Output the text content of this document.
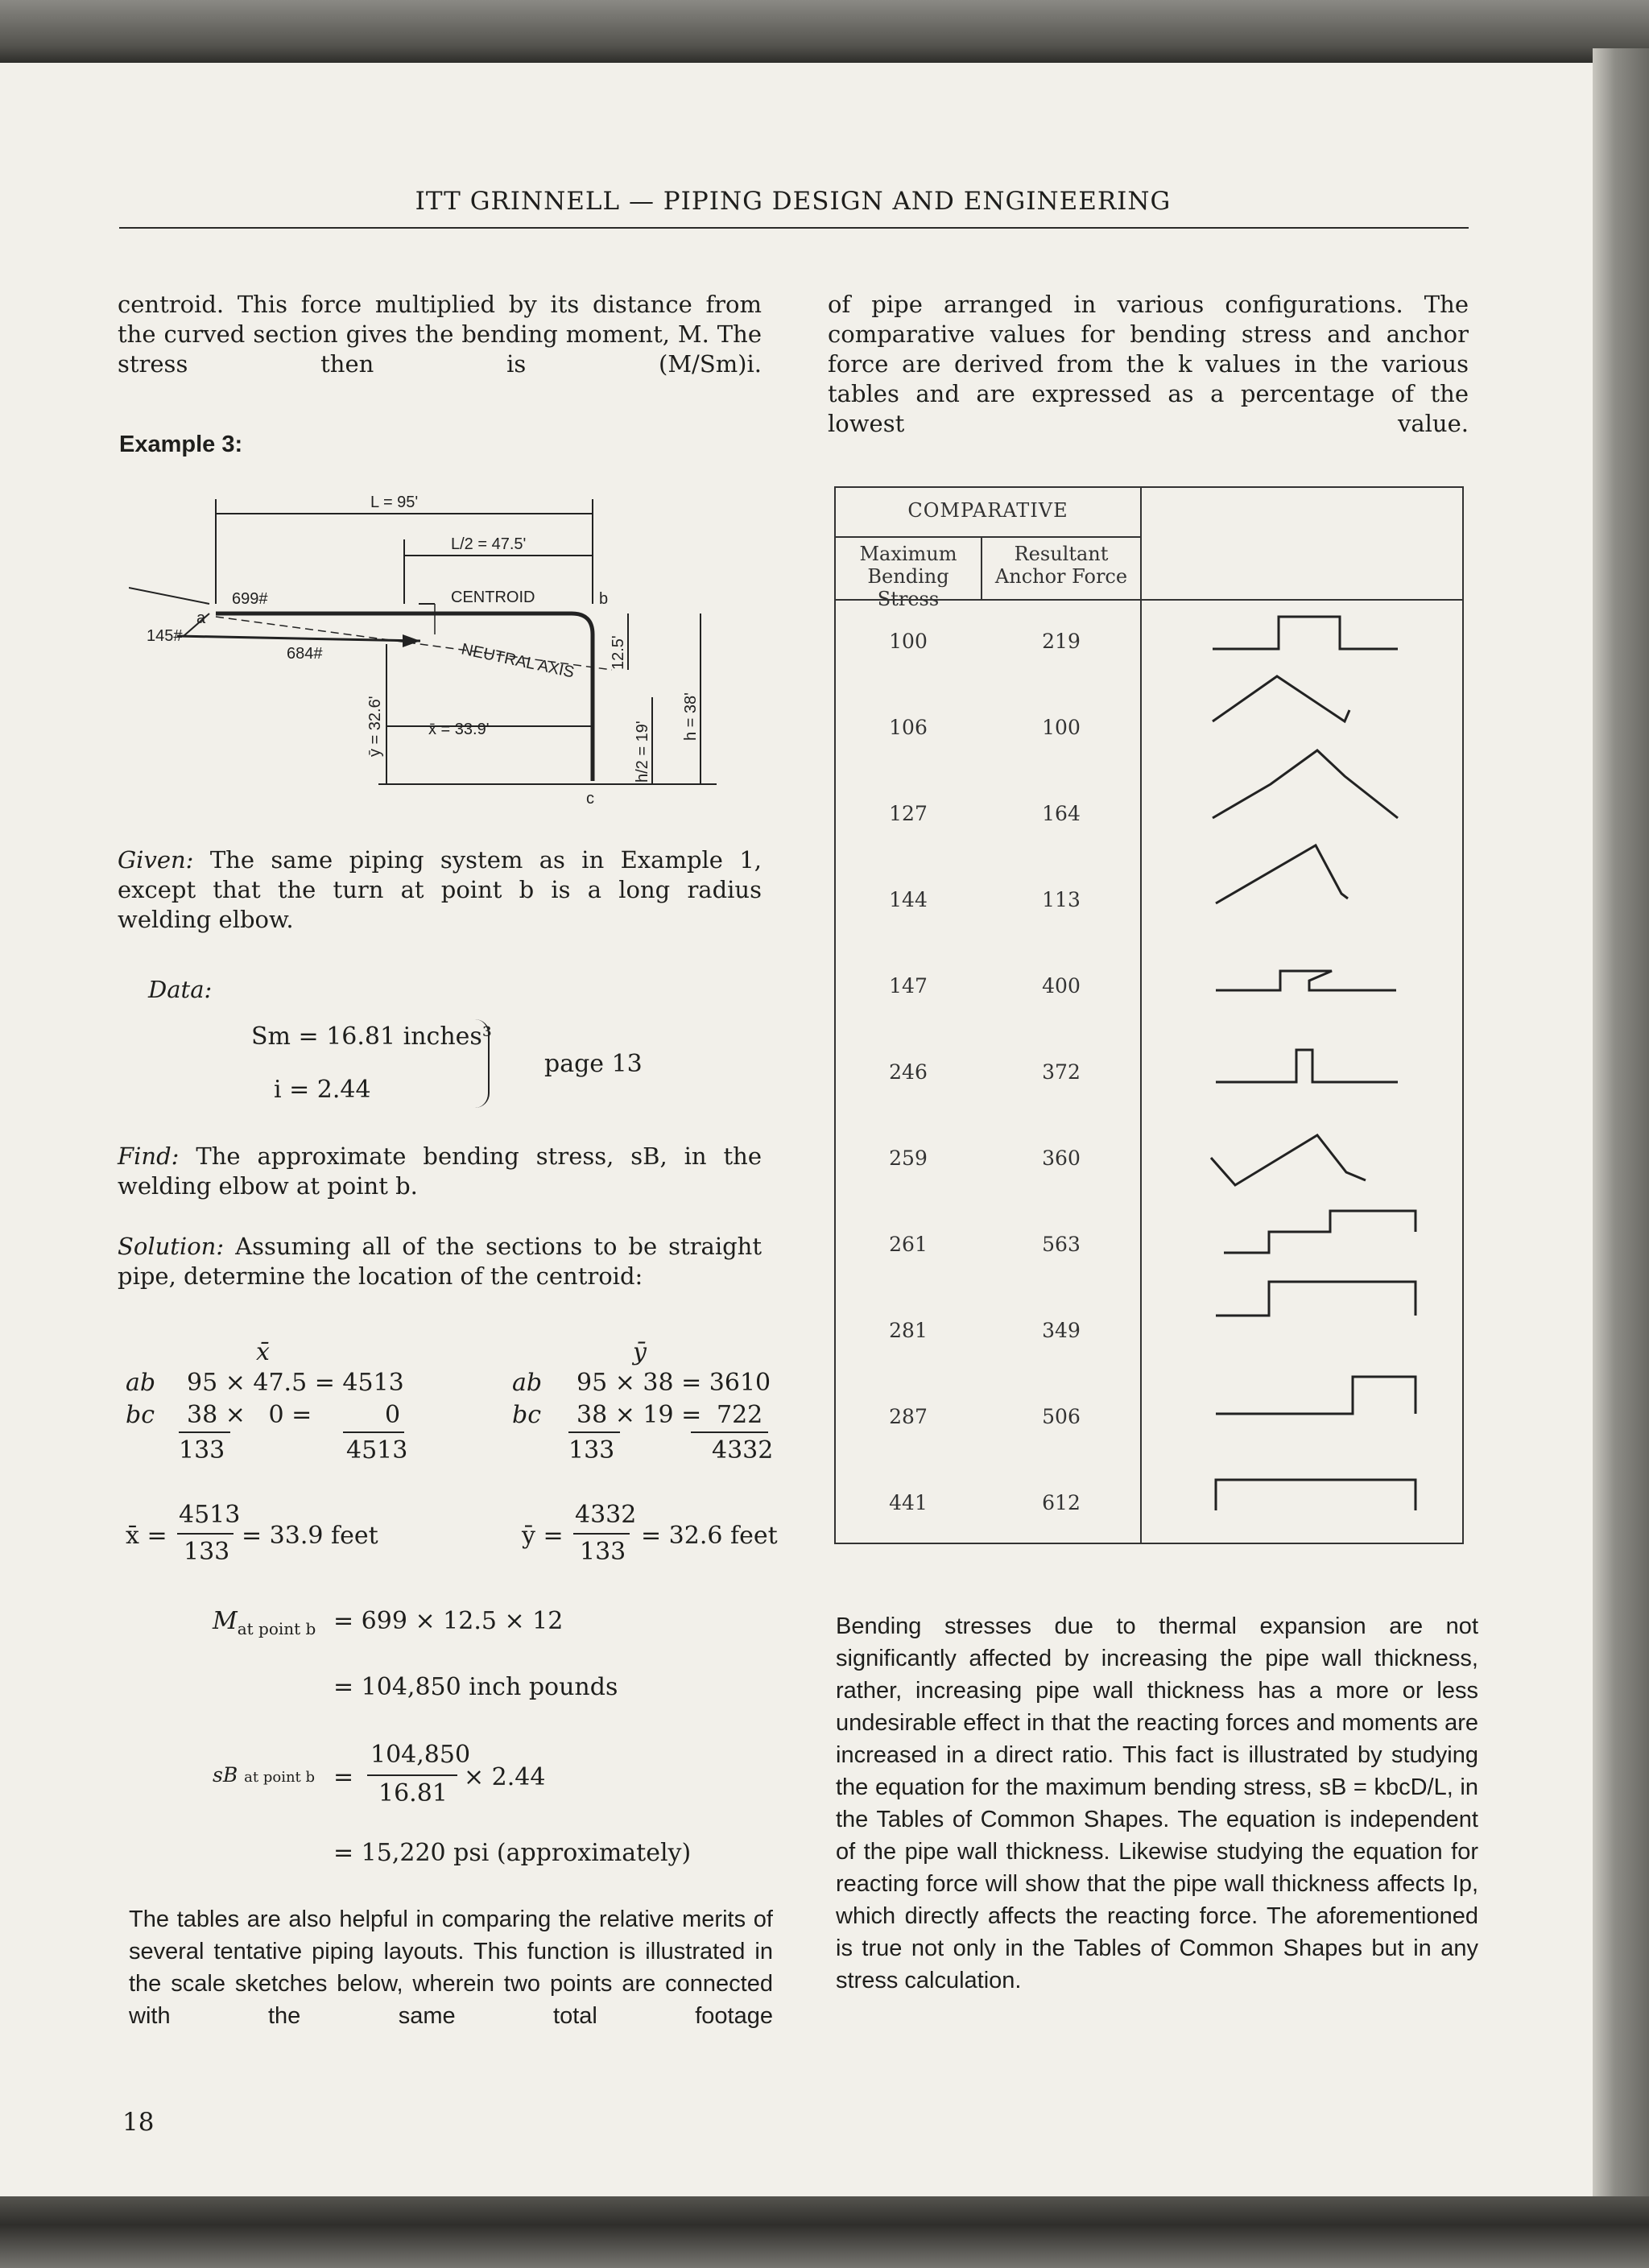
ITT GRINNELL — PIPING DESIGN AND ENGINEERING
centroid. This force multiplied by its distance from the curved section gives the bending moment, M. The stress then is (M/Sm)i.
Example 3:
L = 95'
L/2 = 47.5'
CENTROID
NEUTRAL AXIS
699#
684#
145#
a
b
c
x̄ = 33.9'
ȳ = 32.6'
12.5'
h/2 = 19'
h = 38'
Given: The same piping system as in Example 1, except that the turn at point b is a long radius welding elbow.
Data:
Sm = 16.81 inches³
i = 2.44
page 13
Find: The approximate bending stress, sB, in the welding elbow at point b.
Solution: Assuming all of the sections to be straight pipe, determine the location of the centroid:
x̄
ab 95 × 47.5 = 4513
bc 38 ×   0 =	0
133	4513
ȳ
ab 95 × 38 = 3610
bc 38 × 19 = 722
133	4332
x̄ =
4513
133
= 33.9 feet	ȳ =
4332
133
= 32.6 feet
$M_{at point b} = 699 \times 12.5 \times 12$
= 104,850 inch pounds
sB at point b =
104,850
16.81
× 2.44
= 15,220 psi (approximately)
The tables are also helpful in comparing the relative merits of several tentative piping layouts. This function is illustrated in the scale sketches below, wherein two points are connected with the same total footage
of pipe arranged in various configurations. The comparative values for bending stress and anchor force are derived from the k values in the various tables and are expressed as a percentage of the lowest value.
COMPARATIVE
Maximum Bending Stress
Resultant Anchor Force
100	219
106	100
127	164
144	113
147	400
246	372
259	360
261	563
281	349
287	506
441	612
Bending stresses due to thermal expansion are not significantly affected by increasing the pipe wall thickness, rather, increasing pipe wall thickness has a more or less undesirable effect in that the reacting forces and moments are increased in a direct ratio. This fact is illustrated by studying the equation for the maximum bending stress, sB = kbcD/L, in the Tables of Common Shapes. The equation is independent of the pipe wall thickness. Likewise studying the equation for reacting force will show that the pipe wall thickness affects Ip, which directly affects the reacting force. The aforementioned is true not only in the Tables of Common Shapes but in any stress calculation.
18
